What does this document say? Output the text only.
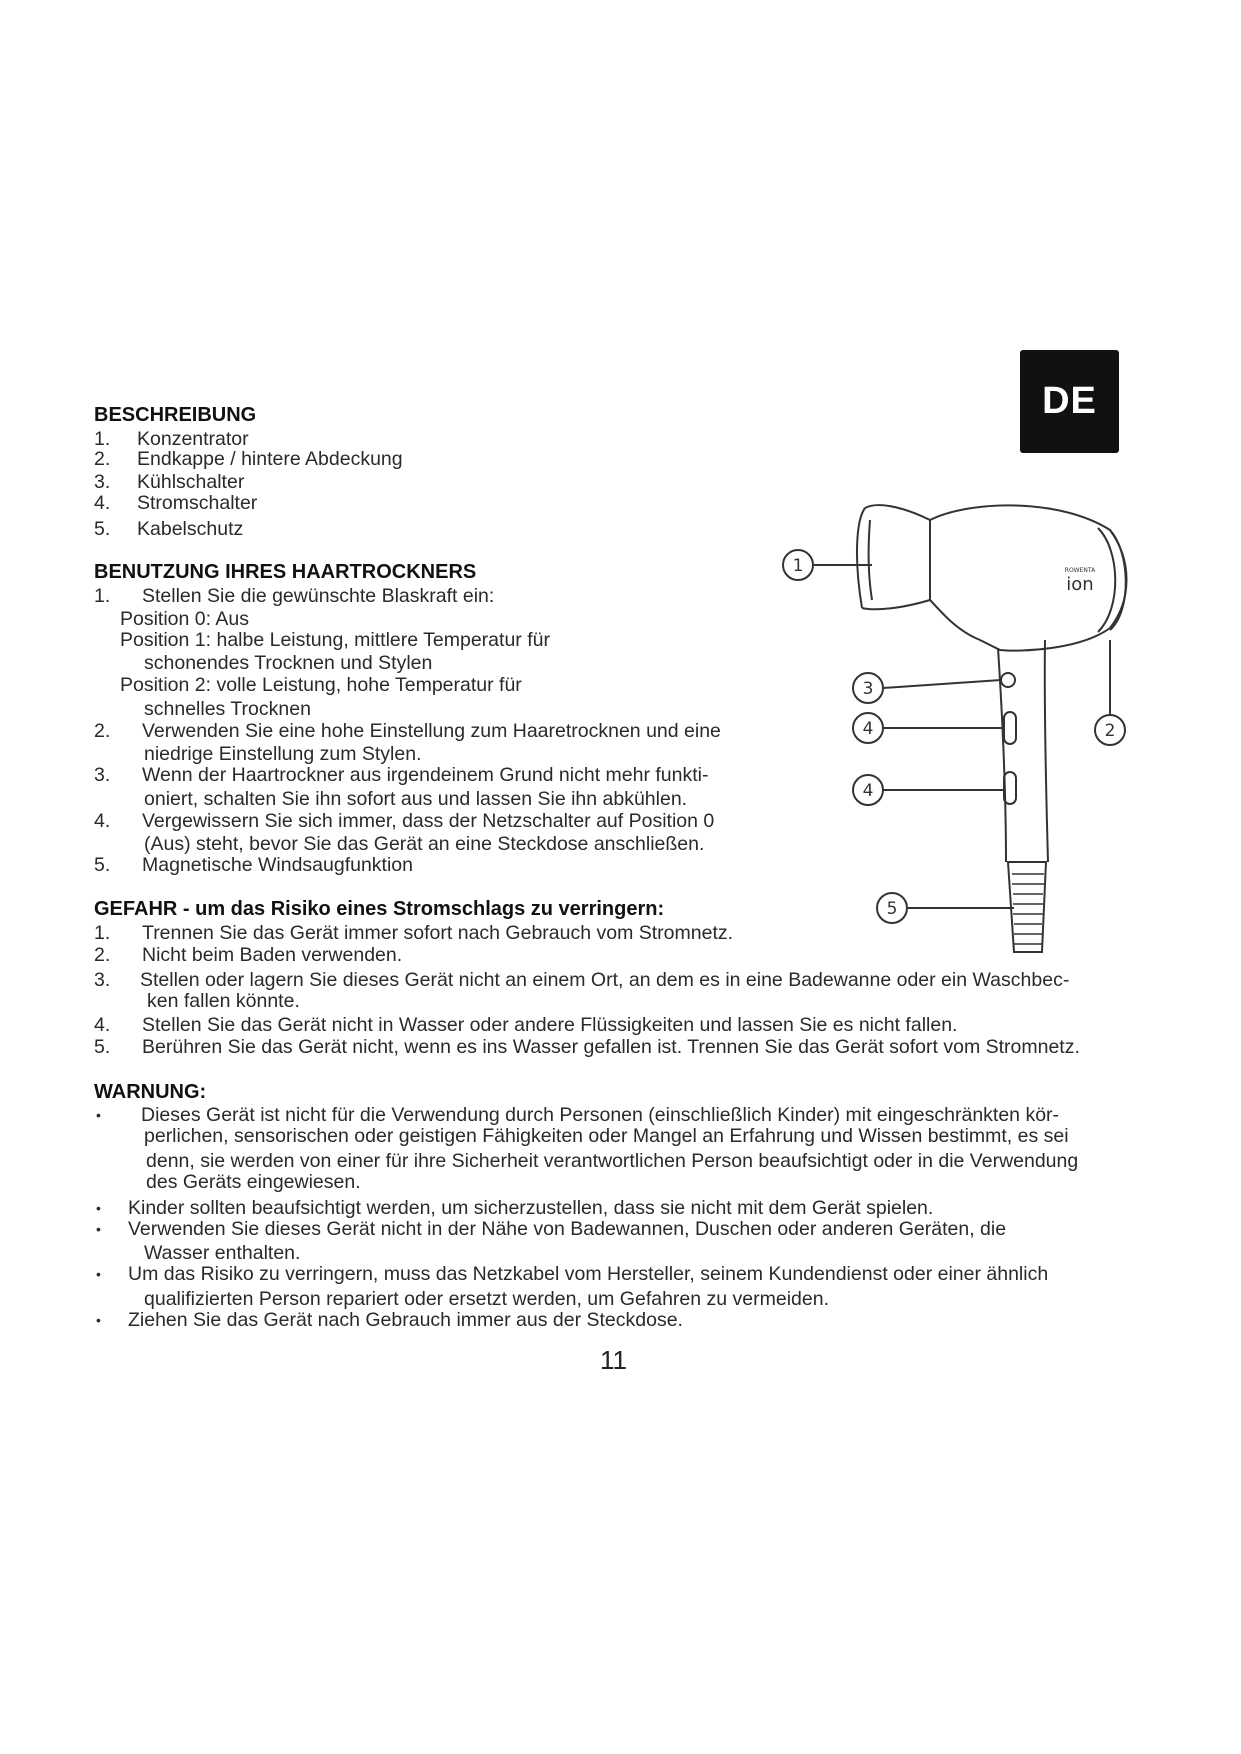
DE
BESCHREIBUNG
1. Konzentrator
2. Endkappe / hintere Abdeckung
3. Kühlschalter
4. Stromschalter
5. Kabelschutz
BENUTZUNG IHRES HAARTROCKNERS
1. Stellen Sie die gewünschte Blaskraft ein:
Position 0: Aus
Position 1: halbe Leistung, mittlere Temperatur für
schonendes Trocknen und Stylen
Position 2: volle Leistung, hohe Temperatur für
schnelles Trocknen
2. Verwenden Sie eine hohe Einstellung zum Haaretrocknen und eine
niedrige Einstellung zum Stylen.
3. Wenn der Haartrockner aus irgendeinem Grund nicht mehr funkti-
oniert, schalten Sie ihn sofort aus und lassen Sie ihn abkühlen.
4. Vergewissern Sie sich immer, dass der Netzschalter auf Position 0
(Aus) steht, bevor Sie das Gerät an eine Steckdose anschließen.
5. Magnetische Windsaugfunktion
GEFAHR - um das Risiko eines Stromschlags zu verringern:
1. Trennen Sie das Gerät immer sofort nach Gebrauch vom Stromnetz.
2. Nicht beim Baden verwenden.
3. Stellen oder lagern Sie dieses Gerät nicht an einem Ort, an dem es in eine Badewanne oder ein Waschbec-
ken fallen könnte.
4. Stellen Sie das Gerät nicht in Wasser oder andere Flüssigkeiten und lassen Sie es nicht fallen.
5. Berühren Sie das Gerät nicht, wenn es ins Wasser gefallen ist. Trennen Sie das Gerät sofort vom Stromnetz.
WARNUNG:
• Dieses Gerät ist nicht für die Verwendung durch Personen (einschließlich Kinder) mit eingeschränkten kör-
perlichen, sensorischen oder geistigen Fähigkeiten oder Mangel an Erfahrung und Wissen bestimmt, es sei
denn, sie werden von einer für ihre Sicherheit verantwortlichen Person beaufsichtigt oder in die Verwendung
des Geräts eingewiesen.
• Kinder sollten beaufsichtigt werden, um sicherzustellen, dass sie nicht mit dem Gerät spielen.
• Verwenden Sie dieses Gerät nicht in der Nähe von Badewannen, Duschen oder anderen Geräten, die
Wasser enthalten.
• Um das Risiko zu verringern, muss das Netzkabel vom Hersteller, seinem Kundendienst oder einer ähnlich
qualifizierten Person repariert oder ersetzt werden, um Gefahren zu vermeiden.
• Ziehen Sie das Gerät nach Gebrauch immer aus der Steckdose.
11
1
2
3
4
4
5
ROWENTA
ion
